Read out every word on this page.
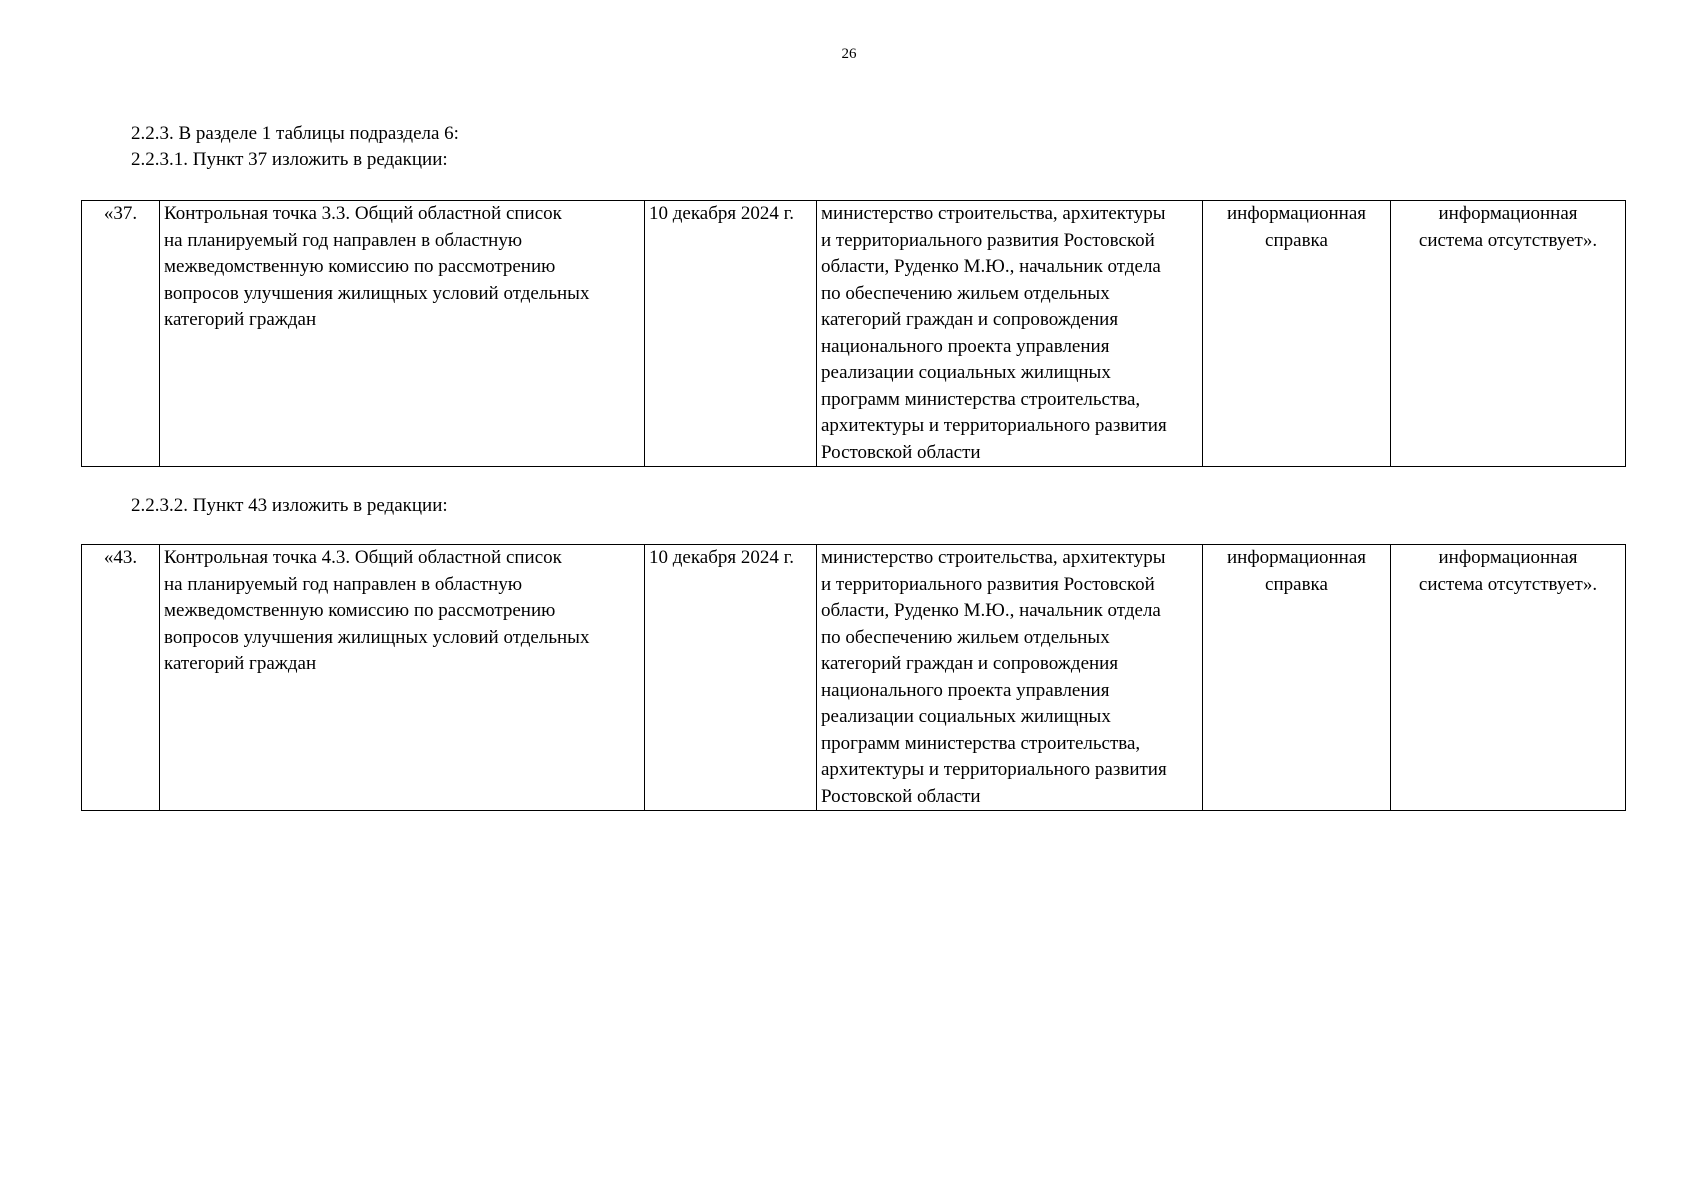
26
2.2.3. В разделе 1 таблицы подраздела 6:
2.2.3.1. Пункт 37 изложить в редакции:
«37.	Контрольная точка 3.3. Общий областной список
на планируемый год направлен в областную
межведомственную комиссию по рассмотрению
вопросов улучшения жилищных условий отдельных
категорий граждан	10 декабря 2024 г.	министерство строительства, архитектуры
и территориального развития Ростовской
области, Руденко М.Ю., начальник отдела
по обеспечению жильем отдельных
категорий граждан и сопровождения
национального проекта управления
реализации социальных жилищных
программ министерства строительства,
архитектуры и территориального развития
Ростовской области	информационная
справка	информационная
система отсутствует».
2.2.3.2. Пункт 43 изложить в редакции:
«43.	Контрольная точка 4.3. Общий областной список
на планируемый год направлен в областную
межведомственную комиссию по рассмотрению
вопросов улучшения жилищных условий отдельных
категорий граждан	10 декабря 2024 г.	министерство строительства, архитектуры
и территориального развития Ростовской
области, Руденко М.Ю., начальник отдела
по обеспечению жильем отдельных
категорий граждан и сопровождения
национального проекта управления
реализации социальных жилищных
программ министерства строительства,
архитектуры и территориального развития
Ростовской области	информационная
справка	информационная
система отсутствует».
